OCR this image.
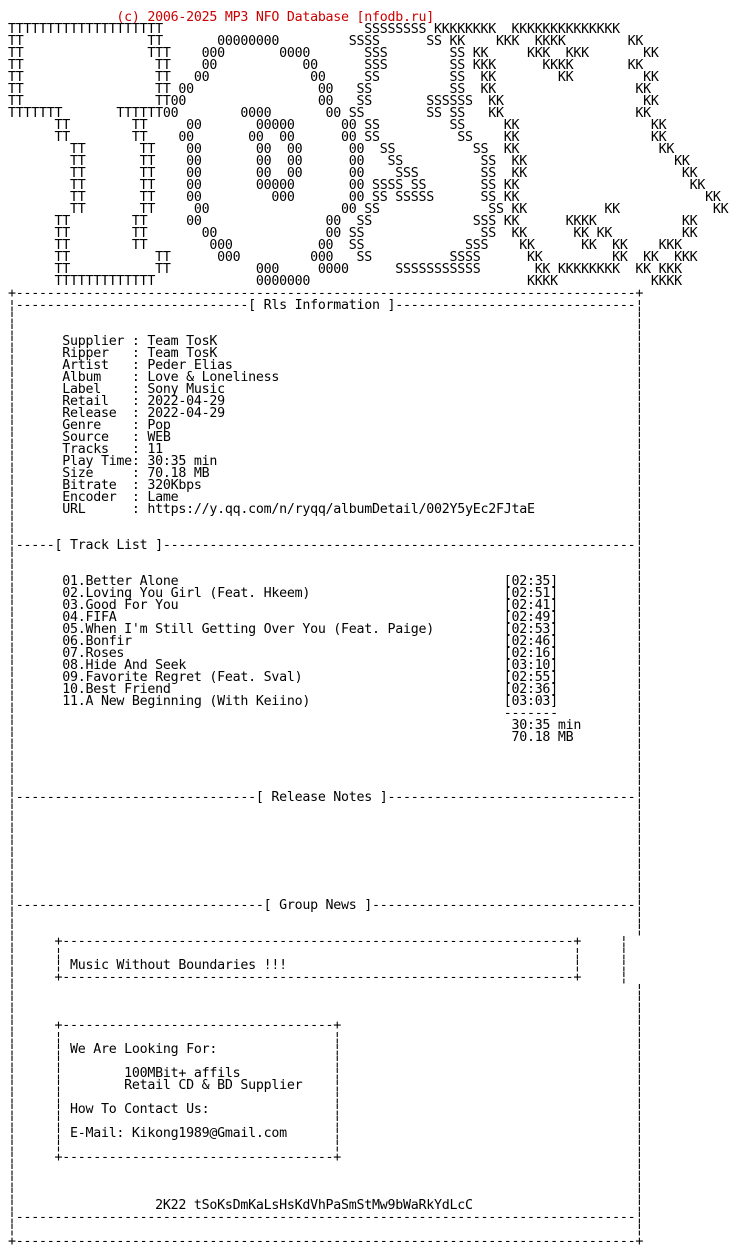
(c) 2006-2025 MP3 NFO Database [nfodb.ru]
TTTTTTTTTTTTTTTTTTTT                          SSSSSSSS KKKKKKKK  KKKKKKKKKKKKKK
TT                TT       00000000         SSSS      SS KK    KKK  KKKK        KK
TT                TTT    000       0000       SSS        SS KK     KKK  KKK       KK
TT                 TT    00           00      SSS        SS KKK      KKKK       KK
TT                 TT   00             00     SS         SS  KK        KK         KK
TT                 TT 00                00   SS          SS  KK                  KK
TT                 TT00                 00   SS       SSSSSS  KK                  KK
TTTTTTT       TTTTTT00        0000       00 SS        SS SS   KK                 KK
TT        TT     00       00000      00 SS         SS     KK                 KK
TT        TT    00       00  00      00 SS          SS    KK                 KK
TT       TT    00       00  00      00  SS          SS  KK                  KK
TT       TT    00       00  00      00   SS          SS  KK                   KK
TT       TT    00       00  00      00    SSS        SS  KK                    KK
TT       TT    00       00000       00 SSSS SS       SS KK                      KK
TT       TT    00         000       00 SS SSSSS      SS KK                        KK
TT       TT     00                 00 SS              SS KK          KK            KK
TT        TT     00                00  SS             SSS KK      KKKK           KK
TT        TT       00              00 SS               SS  KK      KK KK         KK
TT        TT        000           00  SS             SSS    KK      KK  KK    KKK
TT           TT      000         000   SS          SSSS      KK         KK  KK  KKK
TT           TT           000     0000      SSSSSSSSSSS       KK KKKKKKKK  KK KKK
TTTTTTTTTTTTT             0000000                            KKKK            KKKK
+--------------------------------------------------------------------------------+
¦------------------------------[ Rls Information ]-------------------------------¦
¦                                                                                ¦
¦                                                                                ¦
¦      Supplier : Team TosK                                                      ¦
¦      Ripper   : Team TosK                                                      ¦
¦      Artist   : Peder Elias                                                    ¦
¦      Album    : Love & Loneliness                                              ¦
¦      Label    : Sony Music                                                     ¦
¦      Retail   : 2022-04-29                                                     ¦
¦      Release  : 2022-04-29                                                     ¦
¦      Genre    : Pop                                                            ¦
¦      Source   : WEB                                                            ¦
¦      Tracks   : 11                                                             ¦
¦      Play Time: 30:35 min                                                      ¦
¦      Size     : 70.18 MB                                                       ¦
¦      Bitrate  : 320Kbps                                                        ¦
¦      Encoder  : Lame                                                           ¦
¦      URL      : https://y.qq.com/n/ryqq/albumDetail/002Y5yEc2FJtaE             ¦
¦                                                                                ¦
¦                                                                                ¦
¦-----[ Track List ]-------------------------------------------------------------¦
¦                                                                                ¦
¦                                                                                ¦
¦      01.Better Alone                                          [02:35]          ¦
¦      02.Loving You Girl (Feat. Hkeem)                         [02:51]          ¦
¦      03.Good For You                                          [02:41]          ¦
¦      04.FIFA                                                  [02:49]          ¦
¦      05.When I'm Still Getting Over You (Feat. Paige)         [02:53]          ¦
¦      06.Bonfir                                                [02:46]          ¦
¦      07.Roses                                                 [02:16]          ¦
¦      08.Hide And Seek                                         [03:10]          ¦
¦      09.Favorite Regret (Feat. Sval)                          [02:55]          ¦
¦      10.Best Friend                                           [02:36]          ¦
¦      11.A New Beginning (With Keiino)                         [03:03]          ¦
¦                                                               -------          ¦
¦                                                                30:35 min       ¦
¦                                                                70.18 MB        ¦
¦                                                                                ¦
¦                                                                                ¦
¦                                                                                ¦
¦                                                                                ¦
¦-------------------------------[ Release Notes ]--------------------------------¦
¦                                                                                ¦
¦                                                                                ¦
¦                                                                                ¦
¦                                                                                ¦
¦                                                                                ¦
¦                                                                                ¦
¦                                                                                ¦
¦                                                                                ¦
¦--------------------------------[ Group News ]----------------------------------¦
¦                                                                                ¦
¦                                                                                ¦
¦     +------------------------------------------------------------------+     ¦
¦     ¦                                                                  ¦     ¦
¦     ¦ Music Without Boundaries !!!                                     ¦     ¦
¦     +------------------------------------------------------------------+     ¦
¦                                                                                ¦
¦                                                                                ¦
¦                                                                                ¦
¦     +-----------------------------------+                                      ¦
¦     ¦                                   ¦                                      ¦
¦     ¦ We Are Looking For:               ¦                                      ¦
¦     ¦                                   ¦                                      ¦
¦     ¦        100MBit+ affils            ¦                                      ¦
¦     ¦        Retail CD & BD Supplier    ¦                                      ¦
¦     ¦                                   ¦                                      ¦
¦     ¦ How To Contact Us:                ¦                                      ¦
¦     ¦                                   ¦                                      ¦
¦     ¦ E-Mail: Kikong1989@Gmail.com      ¦                                      ¦
¦     ¦                                   ¦                                      ¦
¦     +-----------------------------------+                                      ¦
¦                                                                                ¦
¦                                                                                ¦
¦                                                                                ¦
¦                  2K22 tSoKsDmKaLsHsKdVhPaSmStMw9bWaRkYdLcC                     ¦
¦--------------------------------------------------------------------------------¦
¦                                                                                ¦
+--------------------------------------------------------------------------------+
